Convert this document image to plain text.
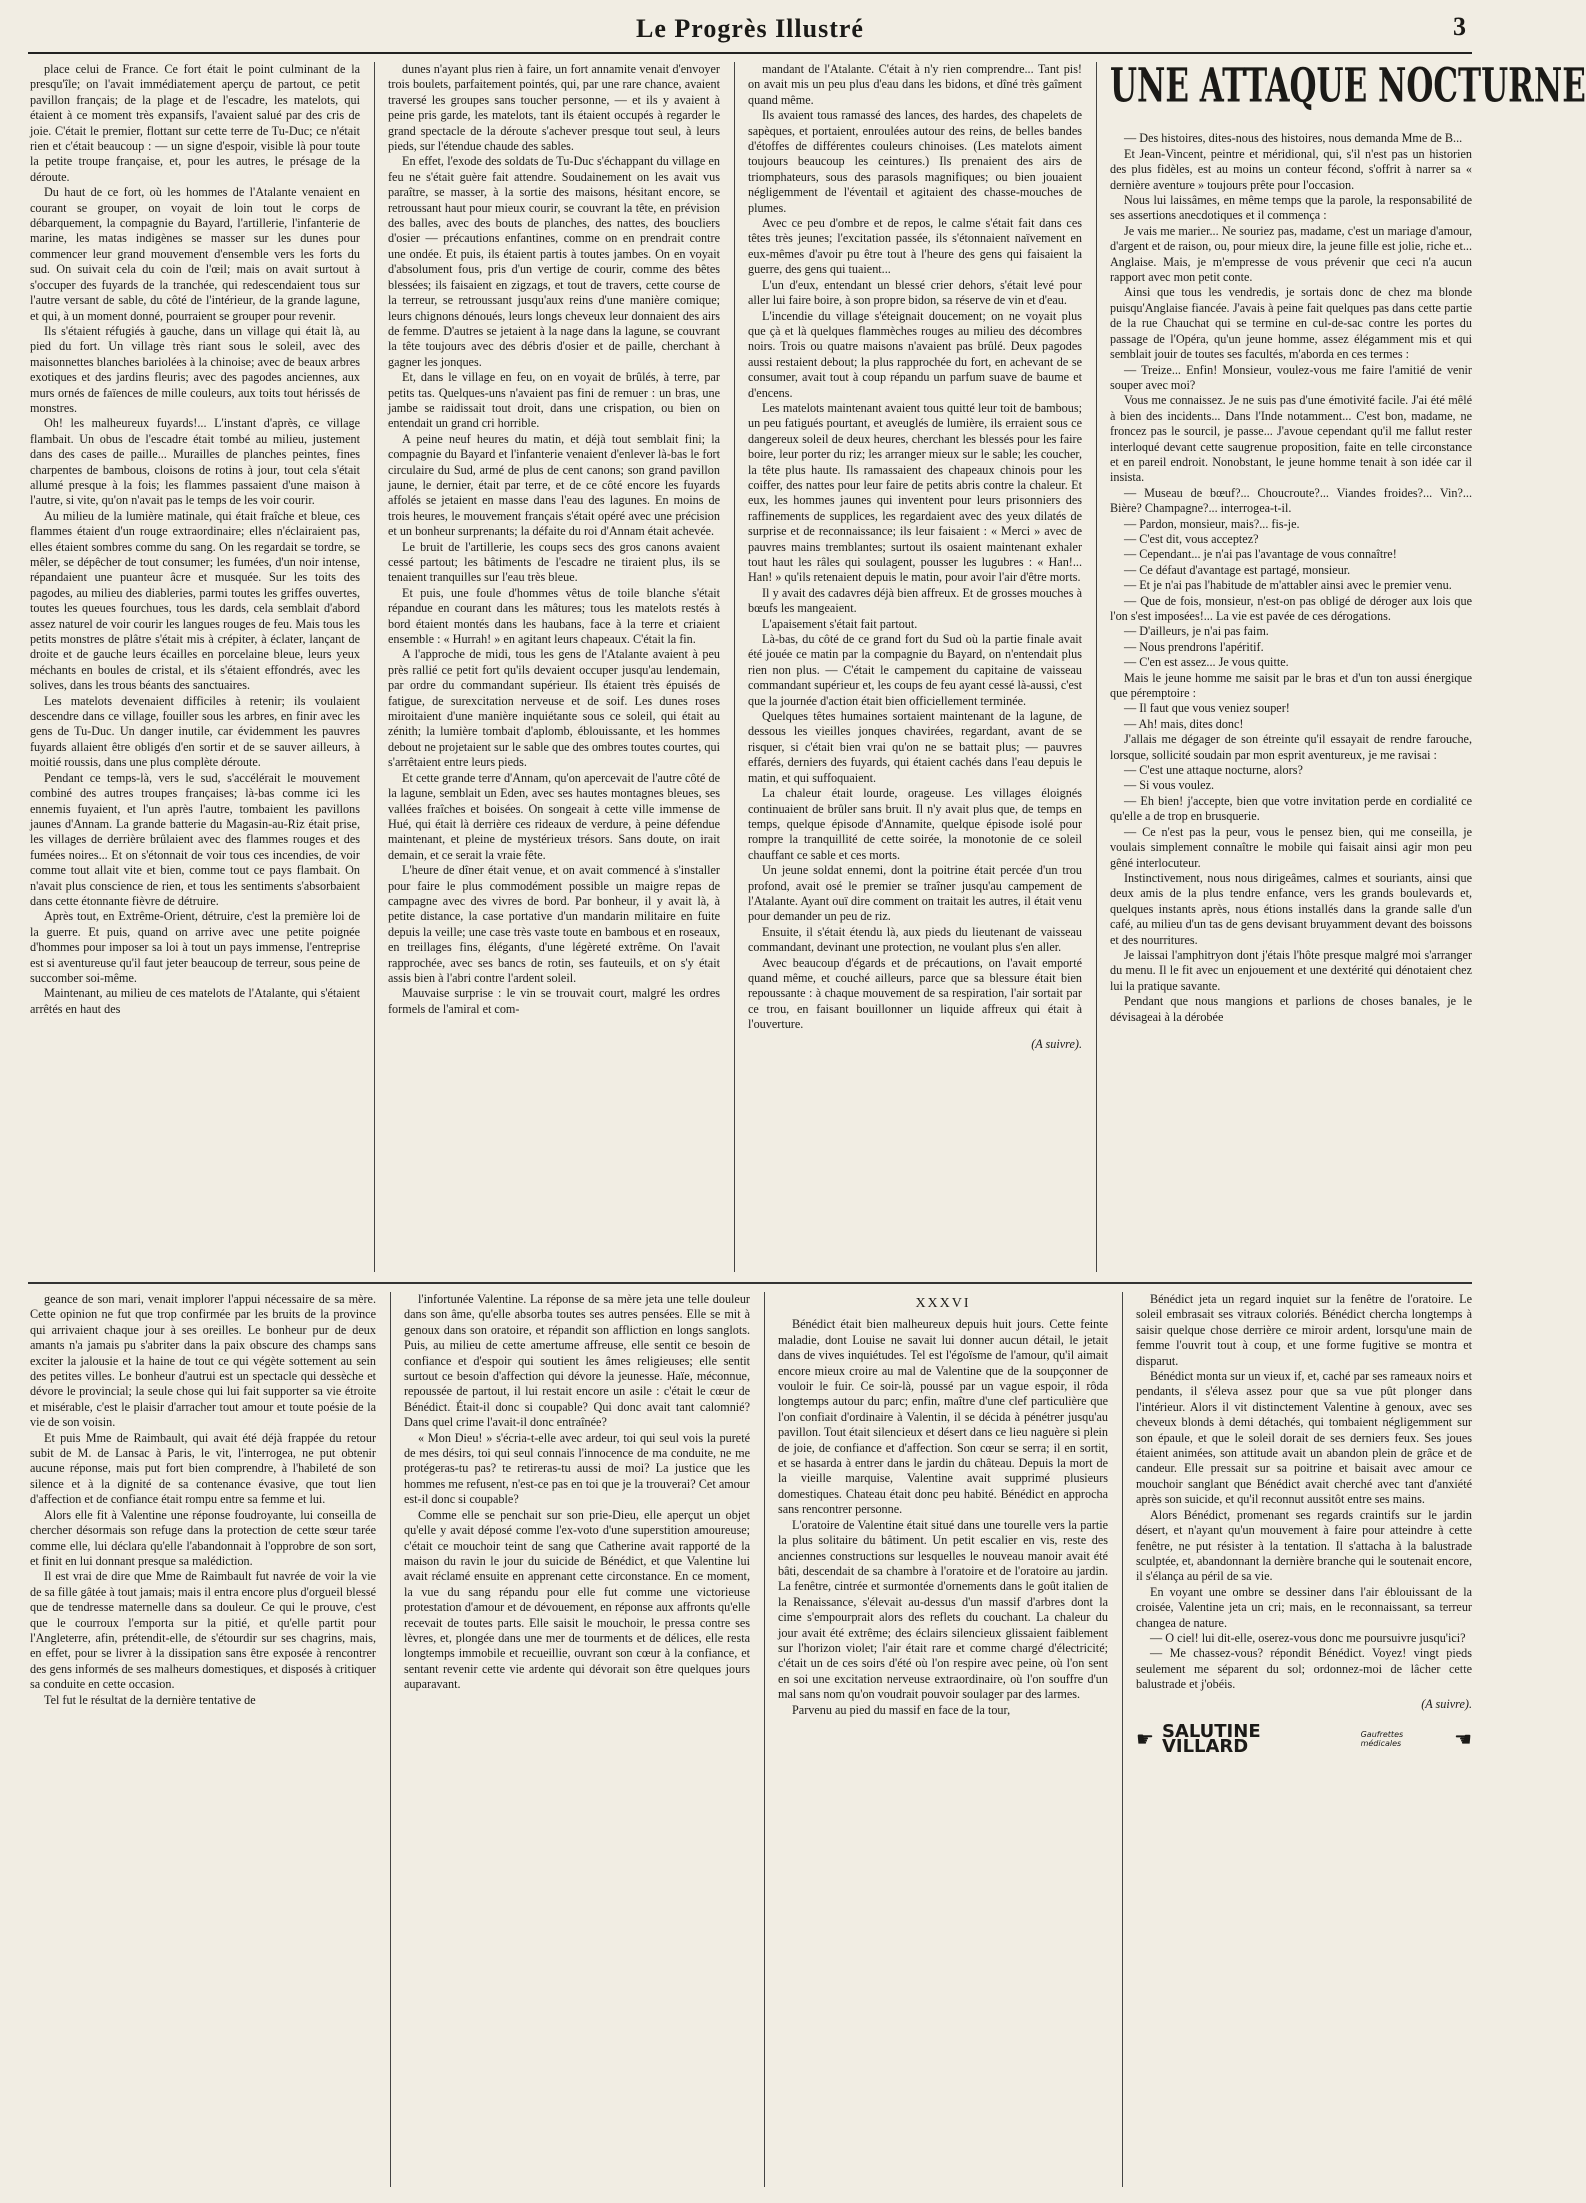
Le Progrès Illustré	3

place celui de France. Ce fort était le point culminant de la presqu'île; on l'avait immédiatement aperçu de partout, ce petit pavillon français; de la plage et de l'escadre, les matelots, qui étaient à ce moment très expansifs, l'avaient salué par des cris de joie. C'était le premier, flottant sur cette terre de Tu-Duc; ce n'était rien et c'était beaucoup : — un signe d'espoir, visible là pour toute la petite troupe française, et, pour les autres, le présage de la déroute.

Du haut de ce fort, où les hommes de l'Atalante venaient en courant se grouper, on voyait de loin tout le corps de débarquement, la compagnie du Bayard, l'artillerie, l'infanterie de marine, les matas indigènes se masser sur les dunes pour commencer leur grand mouvement d'ensemble vers les forts du sud. On suivait cela du coin de l'œil; mais on avait surtout à s'occuper des fuyards de la tranchée, qui redescendaient tous sur l'autre versant de sable, du côté de l'intérieur, de la grande lagune, et qui, à un moment donné, pourraient se grouper pour revenir.

Ils s'étaient réfugiés à gauche, dans un village qui était là, au pied du fort. Un village très riant sous le soleil, avec des maisonnettes blanches bariolées à la chinoise; avec de beaux arbres exotiques et des jardins fleuris; avec des pagodes anciennes, aux murs ornés de faïences de mille couleurs, aux toits tout hérissés de monstres.

Oh! les malheureux fuyards!... L'instant d'après, ce village flambait. Un obus de l'escadre était tombé au milieu, justement dans des cases de paille... Murailles de planches peintes, fines charpentes de bambous, cloisons de rotins à jour, tout cela s'était allumé presque à la fois; les flammes passaient d'une maison à l'autre, si vite, qu'on n'avait pas le temps de les voir courir.

Au milieu de la lumière matinale, qui était fraîche et bleue, ces flammes étaient d'un rouge extraordinaire; elles n'éclairaient pas, elles étaient sombres comme du sang. On les regardait se tordre, se mêler, se dépêcher de tout consumer; les fumées, d'un noir intense, répandaient une puanteur âcre et musquée. Sur les toits des pagodes, au milieu des diableries, parmi toutes les griffes ouvertes, toutes les queues fourchues, tous les dards, cela semblait d'abord assez naturel de voir courir les langues rouges de feu. Mais tous les petits monstres de plâtre s'était mis à crépiter, à éclater, lançant de droite et de gauche leurs écailles en porcelaine bleue, leurs yeux méchants en boules de cristal, et ils s'étaient effondrés, avec les solives, dans les trous béants des sanctuaires.

Les matelots devenaient difficiles à retenir; ils voulaient descendre dans ce village, fouiller sous les arbres, en finir avec les gens de Tu-Duc. Un danger inutile, car évidemment les pauvres fuyards allaient être obligés d'en sortir et de se sauver ailleurs, à moitié roussis, dans une plus complète déroute.

Pendant ce temps-là, vers le sud, s'accélérait le mouvement combiné des autres troupes françaises; là-bas comme ici les ennemis fuyaient, et l'un après l'autre, tombaient les pavillons jaunes d'Annam. La grande batterie du Magasin-au-Riz était prise, les villages de derrière brûlaient avec des flammes rouges et des fumées noires... Et on s'étonnait de voir tous ces incendies, de voir comme tout allait vite et bien, comme tout ce pays flambait. On n'avait plus conscience de rien, et tous les sentiments s'absorbaient dans cette étonnante fièvre de détruire.

Après tout, en Extrême-Orient, détruire, c'est la première loi de la guerre. Et puis, quand on arrive avec une petite poignée d'hommes pour imposer sa loi à tout un pays immense, l'entreprise est si aventureuse qu'il faut jeter beaucoup de terreur, sous peine de succomber soi-même.

Maintenant, au milieu de ces matelots de l'Atalante, qui s'étaient arrêtés en haut des

dunes n'ayant plus rien à faire, un fort annamite venait d'envoyer trois boulets, parfaitement pointés, qui, par une rare chance, avaient traversé les groupes sans toucher personne, — et ils y avaient à peine pris garde, les matelots, tant ils étaient occupés à regarder le grand spectacle de la déroute s'achever presque tout seul, à leurs pieds, sur l'étendue chaude des sables.

En effet, l'exode des soldats de Tu-Duc s'échappant du village en feu ne s'était guère fait attendre. Soudainement on les avait vus paraître, se masser, à la sortie des maisons, hésitant encore, se retroussant haut pour mieux courir, se couvrant la tête, en prévision des balles, avec des bouts de planches, des nattes, des boucliers d'osier — précautions enfantines, comme on en prendrait contre une ondée. Et puis, ils étaient partis à toutes jambes. On en voyait d'absolument fous, pris d'un vertige de courir, comme des bêtes blessées; ils faisaient en zigzags, et tout de travers, cette course de la terreur, se retroussant jusqu'aux reins d'une manière comique; leurs chignons dénoués, leurs longs cheveux leur donnaient des airs de femme. D'autres se jetaient à la nage dans la lagune, se couvrant la tête toujours avec des débris d'osier et de paille, cherchant à gagner les jonques.

Et, dans le village en feu, on en voyait de brûlés, à terre, par petits tas. Quelques-uns n'avaient pas fini de remuer : un bras, une jambe se raidissait tout droit, dans une crispation, ou bien on entendait un grand cri horrible.

A peine neuf heures du matin, et déjà tout semblait fini; la compagnie du Bayard et l'infanterie venaient d'enlever là-bas le fort circulaire du Sud, armé de plus de cent canons; son grand pavillon jaune, le dernier, était par terre, et de ce côté encore les fuyards affolés se jetaient en masse dans l'eau des lagunes. En moins de trois heures, le mouvement français s'était opéré avec une précision et un bonheur surprenants; la défaite du roi d'Annam était achevée.

Le bruit de l'artillerie, les coups secs des gros canons avaient cessé partout; les bâtiments de l'escadre ne tiraient plus, ils se tenaient tranquilles sur l'eau très bleue.

Et puis, une foule d'hommes vêtus de toile blanche s'était répandue en courant dans les mâtures; tous les matelots restés à bord étaient montés dans les haubans, face à la terre et criaient ensemble : « Hurrah! » en agitant leurs chapeaux. C'était la fin.

A l'approche de midi, tous les gens de l'Atalante avaient à peu près rallié ce petit fort qu'ils devaient occuper jusqu'au lendemain, par ordre du commandant supérieur. Ils étaient très épuisés de fatigue, de surexcitation nerveuse et de soif. Les dunes roses miroitaient d'une manière inquiétante sous ce soleil, qui était au zénith; la lumière tombait d'aplomb, éblouissante, et les hommes debout ne projetaient sur le sable que des ombres toutes courtes, qui s'arrêtaient entre leurs pieds.

Et cette grande terre d'Annam, qu'on apercevait de l'autre côté de la lagune, semblait un Eden, avec ses hautes montagnes bleues, ses vallées fraîches et boisées. On songeait à cette ville immense de Hué, qui était là derrière ces rideaux de verdure, à peine défendue maintenant, et pleine de mystérieux trésors. Sans doute, on irait demain, et ce serait la vraie fête.

L'heure de dîner était venue, et on avait commencé à s'installer pour faire le plus commodément possible un maigre repas de campagne avec des vivres de bord. Par bonheur, il y avait là, à petite distance, la case portative d'un mandarin militaire en fuite depuis la veille; une case très vaste toute en bambous et en roseaux, en treillages fins, élégants, d'une légèreté extrême. On l'avait rapprochée, avec ses bancs de rotin, ses fauteuils, et on s'y était assis bien à l'abri contre l'ardent soleil.

Mauvaise surprise : le vin se trouvait court, malgré les ordres formels de l'amiral et com-

mandant de l'Atalante. C'était à n'y rien comprendre... Tant pis! on avait mis un peu plus d'eau dans les bidons, et dîné très gaîment quand même.

Ils avaient tous ramassé des lances, des hardes, des chapelets de sapèques, et portaient, enroulées autour des reins, de belles bandes d'étoffes de différentes couleurs chinoises. (Les matelots aiment toujours beaucoup les ceintures.) Ils prenaient des airs de triomphateurs, sous des parasols magnifiques; ou bien jouaient négligemment de l'éventail et agitaient des chasse-mouches de plumes.

Avec ce peu d'ombre et de repos, le calme s'était fait dans ces têtes très jeunes; l'excitation passée, ils s'étonnaient naïvement en eux-mêmes d'avoir pu être tout à l'heure des gens qui faisaient la guerre, des gens qui tuaient...

L'un d'eux, entendant un blessé crier dehors, s'était levé pour aller lui faire boire, à son propre bidon, sa réserve de vin et d'eau.

L'incendie du village s'éteignait doucement; on ne voyait plus que çà et là quelques flammèches rouges au milieu des décombres noirs. Trois ou quatre maisons n'avaient pas brûlé. Deux pagodes aussi restaient debout; la plus rapprochée du fort, en achevant de se consumer, avait tout à coup répandu un parfum suave de baume et d'encens.

Les matelots maintenant avaient tous quitté leur toit de bambous; un peu fatigués pourtant, et aveuglés de lumière, ils erraient sous ce dangereux soleil de deux heures, cherchant les blessés pour les faire boire, leur porter du riz; les arranger mieux sur le sable; les coucher, la tête plus haute. Ils ramassaient des chapeaux chinois pour les coiffer, des nattes pour leur faire de petits abris contre la chaleur. Et eux, les hommes jaunes qui inventent pour leurs prisonniers des raffinements de supplices, les regardaient avec des yeux dilatés de surprise et de reconnaissance; ils leur faisaient : « Merci » avec de pauvres mains tremblantes; surtout ils osaient maintenant exhaler tout haut les râles qui soulagent, pousser les lugubres : « Han!... Han! » qu'ils retenaient depuis le matin, pour avoir l'air d'être morts.

Il y avait des cadavres déjà bien affreux. Et de grosses mouches à bœufs les mangeaient.

L'apaisement s'était fait partout.

Là-bas, du côté de ce grand fort du Sud où la partie finale avait été jouée ce matin par la compagnie du Bayard, on n'entendait plus rien non plus. — C'était le campement du capitaine de vaisseau commandant supérieur et, les coups de feu ayant cessé là-aussi, c'est que la journée d'action était bien officiellement terminée.

Quelques têtes humaines sortaient maintenant de la lagune, de dessous les vieilles jonques chavirées, regardant, avant de se risquer, si c'était bien vrai qu'on ne se battait plus; — pauvres effarés, derniers des fuyards, qui étaient cachés dans l'eau depuis le matin, et qui suffoquaient.

La chaleur était lourde, orageuse. Les villages éloignés continuaient de brûler sans bruit. Il n'y avait plus que, de temps en temps, quelque épisode d'Annamite, quelque épisode isolé pour rompre la tranquillité de cette soirée, la monotonie de ce soleil chauffant ce sable et ces morts.

Un jeune soldat ennemi, dont la poitrine était percée d'un trou profond, avait osé le premier se traîner jusqu'au campement de l'Atalante. Ayant ouï dire comment on traitait les autres, il était venu pour demander un peu de riz.

Ensuite, il s'était étendu là, aux pieds du lieutenant de vaisseau commandant, devinant une protection, ne voulant plus s'en aller.

Avec beaucoup d'égards et de précautions, on l'avait emporté quand même, et couché ailleurs, parce que sa blessure était bien repoussante : à chaque mouvement de sa respiration, l'air sortait par ce trou, en faisant bouillonner un liquide affreux qui était à l'ouverture.

(A suivre).
UNE ATTAQUE NOCTURNE

— Des histoires, dites-nous des histoires, nous demanda Mme de B...

Et Jean-Vincent, peintre et méridional, qui, s'il n'est pas un historien des plus fidèles, est au moins un conteur fécond, s'offrit à narrer sa « dernière aventure » toujours prête pour l'occasion.

Nous lui laissâmes, en même temps que la parole, la responsabilité de ses assertions anecdotiques et il commença :

Je vais me marier... Ne souriez pas, madame, c'est un mariage d'amour, d'argent et de raison, ou, pour mieux dire, la jeune fille est jolie, riche et... Anglaise. Mais, je m'empresse de vous prévenir que ceci n'a aucun rapport avec mon petit conte.

Ainsi que tous les vendredis, je sortais donc de chez ma blonde puisqu'Anglaise fiancée. J'avais à peine fait quelques pas dans cette partie de la rue Chauchat qui se termine en cul-de-sac contre les portes du passage de l'Opéra, qu'un jeune homme, assez élégamment mis et qui semblait jouir de toutes ses facultés, m'aborda en ces termes :

— Treize... Enfin! Monsieur, voulez-vous me faire l'amitié de venir souper avec moi?

Vous me connaissez. Je ne suis pas d'une émotivité facile. J'ai été mêlé à bien des incidents... Dans l'Inde notamment... C'est bon, madame, ne froncez pas le sourcil, je passe... J'avoue cependant qu'il me fallut rester interloqué devant cette saugrenue proposition, faite en telle circonstance et en pareil endroit. Nonobstant, le jeune homme tenait à son idée car il insista.

— Museau de bœuf?... Choucroute?... Viandes froides?... Vin?... Bière? Champagne?... interrogea-t-il.

— Pardon, monsieur, mais?... fis-je.

— C'est dit, vous acceptez?

— Cependant... je n'ai pas l'avantage de vous connaître!

— Ce défaut d'avantage est partagé, monsieur.

— Et je n'ai pas l'habitude de m'attabler ainsi avec le premier venu.

— Que de fois, monsieur, n'est-on pas obligé de déroger aux lois que l'on s'est imposées!... La vie est pavée de ces dérogations.

— D'ailleurs, je n'ai pas faim.

— Nous prendrons l'apéritif.

— C'en est assez... Je vous quitte.

Mais le jeune homme me saisit par le bras et d'un ton aussi énergique que péremptoire :

— Il faut que vous veniez souper!

— Ah! mais, dites donc!

J'allais me dégager de son étreinte qu'il essayait de rendre farouche, lorsque, sollicité soudain par mon esprit aventureux, je me ravisai :

— C'est une attaque nocturne, alors?

— Si vous voulez.

— Eh bien! j'accepte, bien que votre invitation perde en cordialité ce qu'elle a de trop en brusquerie.

— Ce n'est pas la peur, vous le pensez bien, qui me conseilla, je voulais simplement connaître le mobile qui faisait ainsi agir mon peu gêné interlocuteur.

Instinctivement, nous nous dirigeâmes, calmes et souriants, ainsi que deux amis de la plus tendre enfance, vers les grands boulevards et, quelques instants après, nous étions installés dans la grande salle d'un café, au milieu d'un tas de gens devisant bruyamment devant des boissons et des nourritures.

Je laissai l'amphitryon dont j'étais l'hôte presque malgré moi s'arranger du menu. Il le fit avec un enjouement et une dextérité qui dénotaient chez lui la pratique savante.

Pendant que nous mangions et parlions de choses banales, je le dévisageai à la dérobée

geance de son mari, venait implorer l'appui nécessaire de sa mère. Cette opinion ne fut que trop confirmée par les bruits de la province qui arrivaient chaque jour à ses oreilles. Le bonheur pur de deux amants n'a jamais pu s'abriter dans la paix obscure des champs sans exciter la jalousie et la haine de tout ce qui végète sottement au sein des petites villes. Le bonheur d'autrui est un spectacle qui dessèche et dévore le provincial; la seule chose qui lui fait supporter sa vie étroite et misérable, c'est le plaisir d'arracher tout amour et toute poésie de la vie de son voisin.

Et puis Mme de Raimbault, qui avait été déjà frappée du retour subit de M. de Lansac à Paris, le vit, l'interrogea, ne put obtenir aucune réponse, mais put fort bien comprendre, à l'habileté de son silence et à la dignité de sa contenance évasive, que tout lien d'affection et de confiance était rompu entre sa femme et lui.

Alors elle fit à Valentine une réponse foudroyante, lui conseilla de chercher désormais son refuge dans la protection de cette sœur tarée comme elle, lui déclara qu'elle l'abandonnait à l'opprobre de son sort, et finit en lui donnant presque sa malédiction.

Il est vrai de dire que Mme de Raimbault fut navrée de voir la vie de sa fille gâtée à tout jamais; mais il entra encore plus d'orgueil blessé que de tendresse maternelle dans sa douleur. Ce qui le prouve, c'est que le courroux l'emporta sur la pitié, et qu'elle partit pour l'Angleterre, afin, prétendit-elle, de s'étourdir sur ses chagrins, mais, en effet, pour se livrer à la dissipation sans être exposée à rencontrer des gens informés de ses malheurs domestiques, et disposés à critiquer sa conduite en cette occasion.

Tel fut le résultat de la dernière tentative de

l'infortunée Valentine. La réponse de sa mère jeta une telle douleur dans son âme, qu'elle absorba toutes ses autres pensées. Elle se mit à genoux dans son oratoire, et répandit son affliction en longs sanglots. Puis, au milieu de cette amertume affreuse, elle sentit ce besoin de confiance et d'espoir qui soutient les âmes religieuses; elle sentit surtout ce besoin d'affection qui dévore la jeunesse. Haïe, méconnue, repoussée de partout, il lui restait encore un asile : c'était le cœur de Bénédict. Était-il donc si coupable? Qui donc avait tant calomnié? Dans quel crime l'avait-il donc entraînée?

« Mon Dieu! » s'écria-t-elle avec ardeur, toi qui seul vois la pureté de mes désirs, toi qui seul connais l'innocence de ma conduite, ne me protégeras-tu pas? te retireras-tu aussi de moi? La justice que les hommes me refusent, n'est-ce pas en toi que je la trouverai? Cet amour est-il donc si coupable?

Comme elle se penchait sur son prie-Dieu, elle aperçut un objet qu'elle y avait déposé comme l'ex-voto d'une superstition amoureuse; c'était ce mouchoir teint de sang que Catherine avait rapporté de la maison du ravin le jour du suicide de Bénédict, et que Valentine lui avait réclamé ensuite en apprenant cette circonstance. En ce moment, la vue du sang répandu pour elle fut comme une victorieuse protestation d'amour et de dévouement, en réponse aux affronts qu'elle recevait de toutes parts. Elle saisit le mouchoir, le pressa contre ses lèvres, et, plongée dans une mer de tourments et de délices, elle resta longtemps immobile et recueillie, ouvrant son cœur à la confiance, et sentant revenir cette vie ardente qui dévorait son être quelques jours auparavant.

XXXVI

Bénédict était bien malheureux depuis huit jours. Cette feinte maladie, dont Louise ne savait lui donner aucun détail, le jetait dans de vives inquiétudes. Tel est l'égoïsme de l'amour, qu'il aimait encore mieux croire au mal de Valentine que de la soupçonner de vouloir le fuir. Ce soir-là, poussé par un vague espoir, il rôda longtemps autour du parc; enfin, maître d'une clef particulière que l'on confiait d'ordinaire à Valentin, il se décida à pénétrer jusqu'au pavillon. Tout était silencieux et désert dans ce lieu naguère si plein de joie, de confiance et d'affection. Son cœur se serra; il en sortit, et se hasarda à entrer dans le jardin du château. Depuis la mort de la vieille marquise, Valentine avait supprimé plusieurs domestiques. Chateau était donc peu habité. Bénédict en approcha sans rencontrer personne.

L'oratoire de Valentine était situé dans une tourelle vers la partie la plus solitaire du bâtiment. Un petit escalier en vis, reste des anciennes constructions sur lesquelles le nouveau manoir avait été bâti, descendait de sa chambre à l'oratoire et de l'oratoire au jardin. La fenêtre, cintrée et surmontée d'ornements dans le goût italien de la Renaissance, s'élevait au-dessus d'un massif d'arbres dont la cime s'empourprait alors des reflets du couchant. La chaleur du jour avait été extrême; des éclairs silencieux glissaient faiblement sur l'horizon violet; l'air était rare et comme chargé d'électricité; c'était un de ces soirs d'été où l'on respire avec peine, où l'on sent en soi une excitation nerveuse extraordinaire, où l'on souffre d'un mal sans nom qu'on voudrait pouvoir soulager par des larmes.

Parvenu au pied du massif en face de la tour,

Bénédict jeta un regard inquiet sur la fenêtre de l'oratoire. Le soleil embrasait ses vitraux coloriés. Bénédict chercha longtemps à saisir quelque chose derrière ce miroir ardent, lorsqu'une main de femme l'ouvrit tout à coup, et une forme fugitive se montra et disparut.

Bénédict monta sur un vieux if, et, caché par ses rameaux noirs et pendants, il s'éleva assez pour que sa vue pût plonger dans l'intérieur. Alors il vit distinctement Valentine à genoux, avec ses cheveux blonds à demi détachés, qui tombaient négligemment sur son épaule, et que le soleil dorait de ses derniers feux. Ses joues étaient animées, son attitude avait un abandon plein de grâce et de candeur. Elle pressait sur sa poitrine et baisait avec amour ce mouchoir sanglant que Bénédict avait cherché avec tant d'anxiété après son suicide, et qu'il reconnut aussitôt entre ses mains.

Alors Bénédict, promenant ses regards craintifs sur le jardin désert, et n'ayant qu'un mouvement à faire pour atteindre à cette fenêtre, ne put résister à la tentation. Il s'attacha à la balustrade sculptée, et, abandonnant la dernière branche qui le soutenait encore, il s'élança au péril de sa vie.

En voyant une ombre se dessiner dans l'air éblouissant de la croisée, Valentine jeta un cri; mais, en le reconnaissant, sa terreur changea de nature.

— O ciel! lui dit-elle, oserez-vous donc me poursuivre jusqu'ici?

— Me chassez-vous? répondit Bénédict. Voyez! vingt pieds seulement me séparent du sol; ordonnez-moi de lâcher cette balustrade et j'obéis.

(A suivre).
☛ SALUTINE VILLARD
Gaufrettes médicales	☚
